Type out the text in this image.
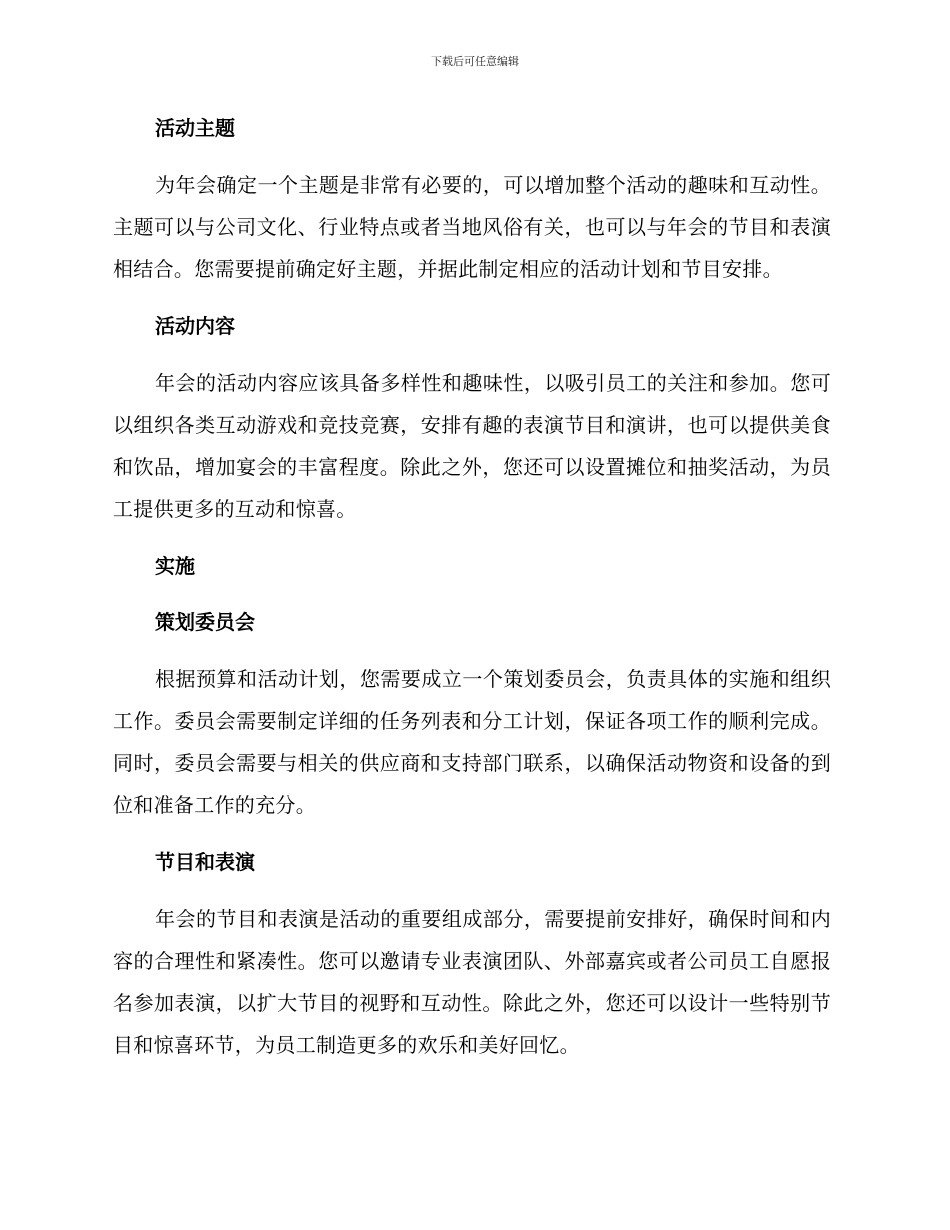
下载后可任意编辑
活动主题

为年会确定一个主题是非常有必要的，可以增加整个活动的趣味和互动性。主题可以与公司文化、行业特点或者当地风俗有关，也可以与年会的节目和表演相结合。您需要提前确定好主题，并据此制定相应的活动计划和节目安排。

活动内容

年会的活动内容应该具备多样性和趣味性，以吸引员工的关注和参加。您可以组织各类互动游戏和竞技竞赛，安排有趣的表演节目和演讲，也可以提供美食和饮品，增加宴会的丰富程度。除此之外，您还可以设置摊位和抽奖活动，为员工提供更多的互动和惊喜。

实施
策划委员会

根据预算和活动计划，您需要成立一个策划委员会，负责具体的实施和组织工作。委员会需要制定详细的任务列表和分工计划，保证各项工作的顺利完成。同时，委员会需要与相关的供应商和支持部门联系，以确保活动物资和设备的到位和准备工作的充分。

节目和表演

年会的节目和表演是活动的重要组成部分，需要提前安排好，确保时间和内容的合理性和紧凑性。您可以邀请专业表演团队、外部嘉宾或者公司员工自愿报名参加表演，以扩大节目的视野和互动性。除此之外，您还可以设计一些特别节目和惊喜环节，为员工制造更多的欢乐和美好回忆。
